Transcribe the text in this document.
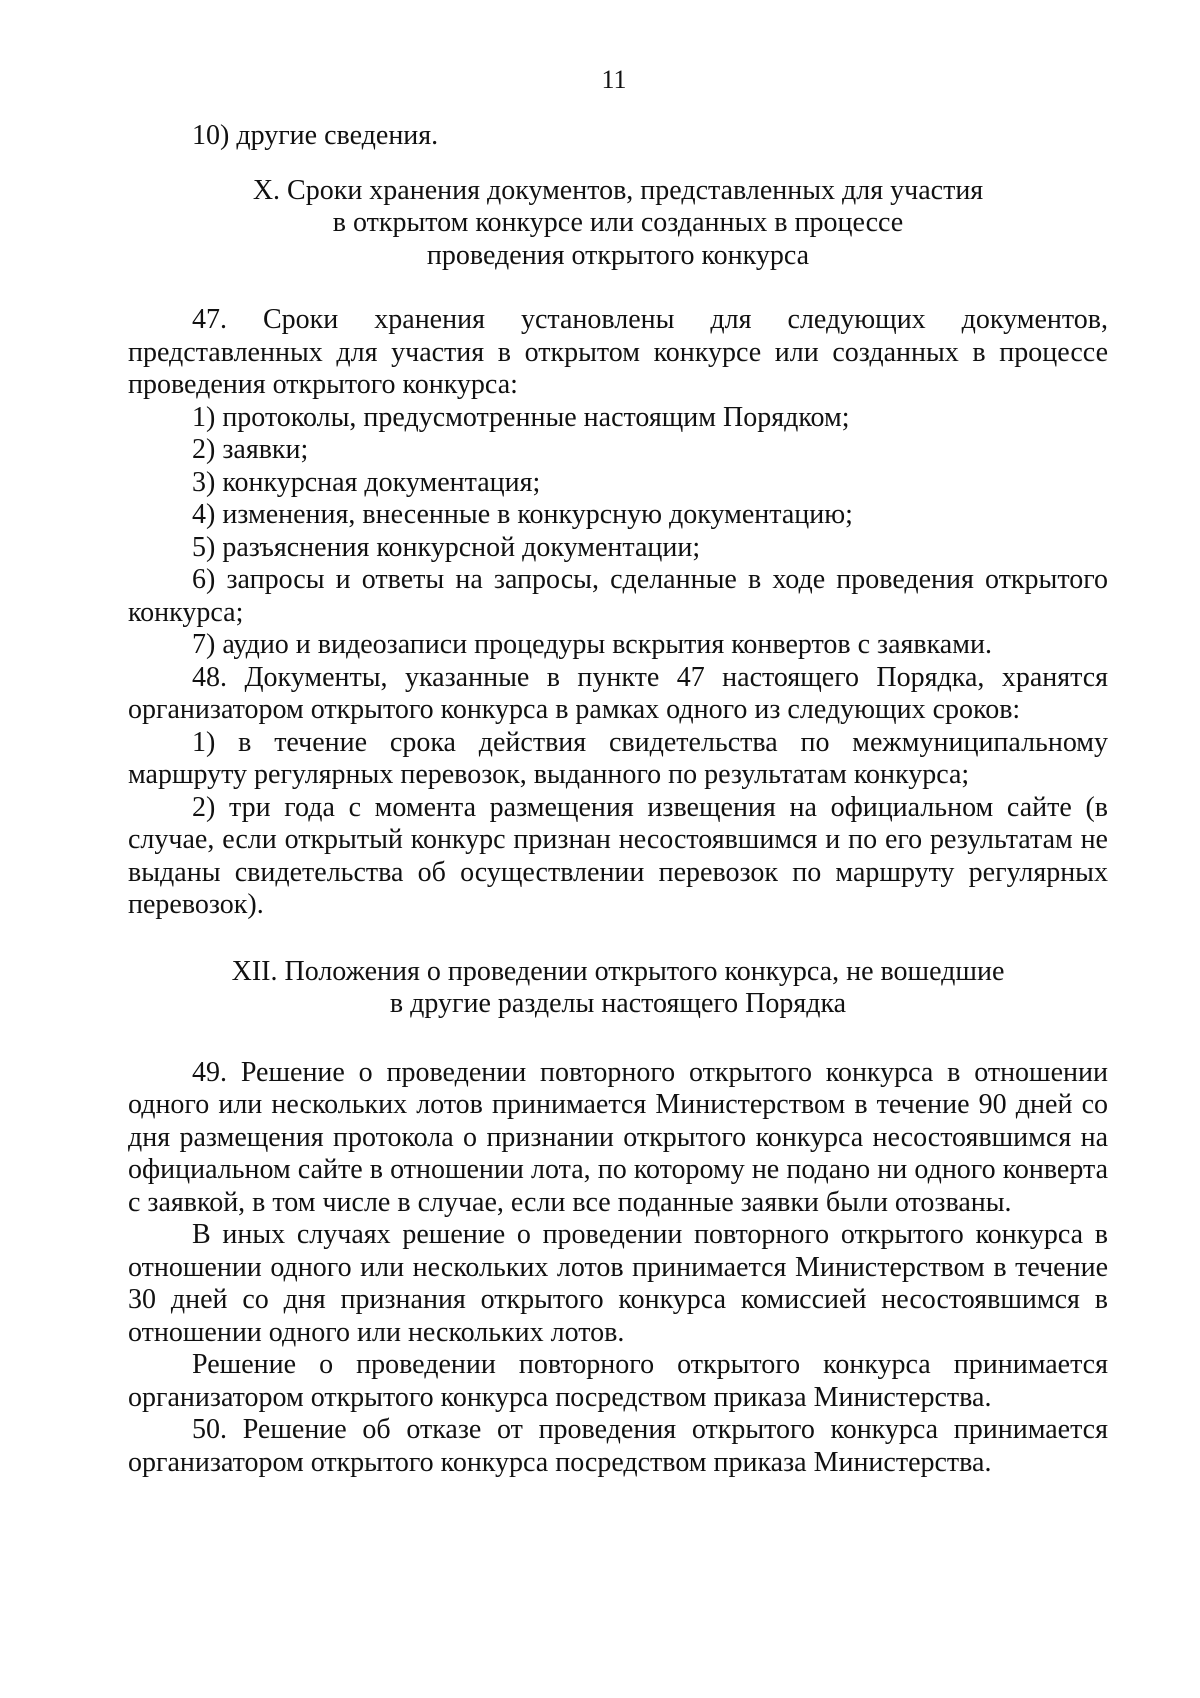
11

10) другие сведения.

X. Сроки хранения документов, представленных для участия
в открытом конкурсе или созданных в процессе
проведения открытого конкурса

47. Сроки хранения установлены для следующих документов, представленных для участия в открытом конкурсе или созданных в процессе проведения открытого конкурса:

1) протоколы, предусмотренные настоящим Порядком;

2) заявки;

3) конкурсная документация;

4) изменения, внесенные в конкурсную документацию;

5) разъяснения конкурсной документации;

6) запросы и ответы на запросы, сделанные в ходе проведения открытого конкурса;

7) аудио и видеозаписи процедуры вскрытия конвертов с заявками.

48. Документы, указанные в пункте 47 настоящего Порядка, хранятся организатором открытого конкурса в рамках одного из следующих сроков:

1) в течение срока действия свидетельства по межмуниципальному маршруту регулярных перевозок, выданного по результатам конкурса;

2) три года с момента размещения извещения на официальном сайте (в случае, если открытый конкурс признан несостоявшимся и по его результатам не выданы свидетельства об осуществлении перевозок по маршруту регулярных перевозок).

XII. Положения о проведении открытого конкурса, не вошедшие
в другие разделы настоящего Порядка

49. Решение о проведении повторного открытого конкурса в отношении одного или нескольких лотов принимается Министерством в течение 90 дней со дня размещения протокола о признании открытого конкурса несостоявшимся на официальном сайте в отношении лота, по которому не подано ни одного конверта с заявкой, в том числе в случае, если все поданные заявки были отозваны.

В иных случаях решение о проведении повторного открытого конкурса в отношении одного или нескольких лотов принимается Министерством в течение 30 дней со дня признания открытого конкурса комиссией несостоявшимся в отношении одного или нескольких лотов.

Решение о проведении повторного открытого конкурса принимается организатором открытого конкурса посредством приказа Министерства.

50. Решение об отказе от проведения открытого конкурса принимается организатором открытого конкурса посредством приказа Министерства.
